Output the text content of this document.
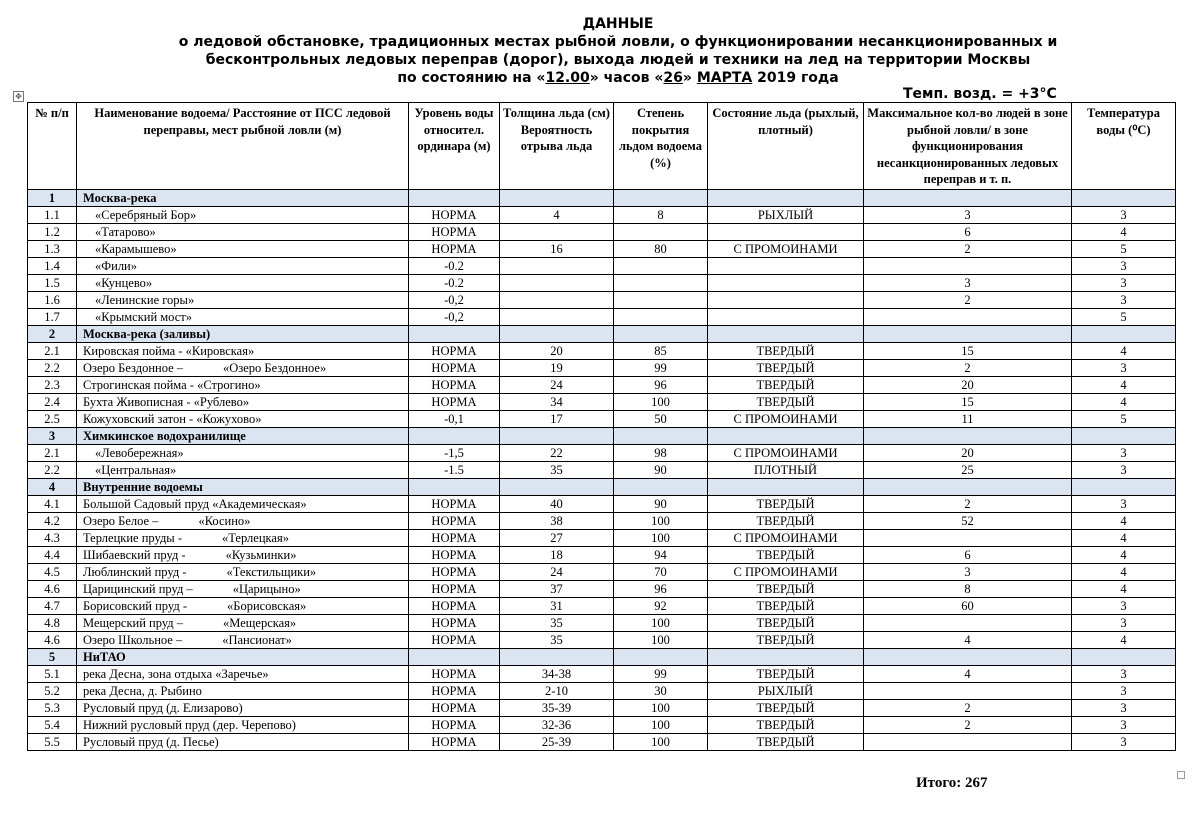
ДАННЫЕ
о ледовой обстановке, традиционных местах рыбной ловли, о функционировании несанкционированных и
бесконтрольных ледовых переправ (дорог), выхода людей и техники на лед на территории Москвы
по состоянию на «12.00» часов «26» МАРТА 2019 года
Темп. возд. = +3°С
✥
№ п/п	Наименование водоема/ Расстояние от ПСС ледовой переправы, мест рыбной ловли (м)	Уровень воды относител. ординара (м)	Толщина льда (см) Вероятность отрыва льда	Степень покрытия льдом водоема (%)	Состояние льда (рыхлый, плотный)	Максимальное кол-во людей в зоне рыбной ловли/ в зоне функционирования несанкционированных ледовых переправ и т. п.	Температура воды (⁰С)
1	Москва-река						
1.1	«Серебряный Бор»	НОРМА	4	8	РЫХЛЫЙ	3	3
1.2	«Татарово»	НОРМА				6	4
1.3	«Карамышево»	НОРМА	16	80	С ПРОМОИНАМИ	2	5
1.4	«Фили»	-0.2					3
1.5	«Кунцево»	-0.2				3	3
1.6	«Ленинские горы»	-0,2				2	3
1.7	«Крымский мост»	-0,2					5
2	Москва-река (заливы)						
2.1	Кировская пойма - «Кировская»	НОРМА	20	85	ТВЕРДЫЙ	15	4
2.2	Озеро Бездонное – «Озеро Бездонное»	НОРМА	19	99	ТВЕРДЫЙ	2	3
2.3	Строгинская пойма - «Строгино»	НОРМА	24	96	ТВЕРДЫЙ	20	4
2.4	Бухта Живописная - «Рублево»	НОРМА	34	100	ТВЕРДЫЙ	15	4
2.5	Кожуховский затон - «Кожухово»	-0,1	17	50	С ПРОМОИНАМИ	11	5
3	Химкинское водохранилище						
2.1	«Левобережная»	-1,5	22	98	С ПРОМОИНАМИ	20	3
2.2	«Центральная»	-1.5	35	90	ПЛОТНЫЙ	25	3
4	Внутренние водоемы						
4.1	Большой Садовый пруд «Академическая»	НОРМА	40	90	ТВЕРДЫЙ	2	3
4.2	Озеро Белое – «Косино»	НОРМА	38	100	ТВЕРДЫЙ	52	4
4.3	Терлецкие пруды - «Терлецкая»	НОРМА	27	100	С ПРОМОИНАМИ		4
4.4	Шибаевский пруд - «Кузьминки»	НОРМА	18	94	ТВЕРДЫЙ	6	4
4.5	Люблинский пруд - «Текстильщики»	НОРМА	24	70	С ПРОМОИНАМИ	3	4
4.6	Царицинский пруд – «Царицыно»	НОРМА	37	96	ТВЕРДЫЙ	8	4
4.7	Борисовский пруд - «Борисовская»	НОРМА	31	92	ТВЕРДЫЙ	60	3
4.8	Мещерский пруд – «Мещерская»	НОРМА	35	100	ТВЕРДЫЙ		3
4.6	Озеро Школьное – «Пансионат»	НОРМА	35	100	ТВЕРДЫЙ	4	4
5	НиТАО						
5.1	река Десна, зона отдыха «Заречье»	НОРМА	34-38	99	ТВЕРДЫЙ	4	3
5.2	река Десна, д. Рыбино	НОРМА	2-10	30	РЫХЛЫЙ		3
5.3	Русловый пруд (д. Елизарово)	НОРМА	35-39	100	ТВЕРДЫЙ	2	3
5.4	Нижний русловый пруд (дер. Черепово)	НОРМА	32-36	100	ТВЕРДЫЙ	2	3
5.5	Русловый пруд (д. Песье)	НОРМА	25-39	100	ТВЕРДЫЙ		3
Итого: 267
